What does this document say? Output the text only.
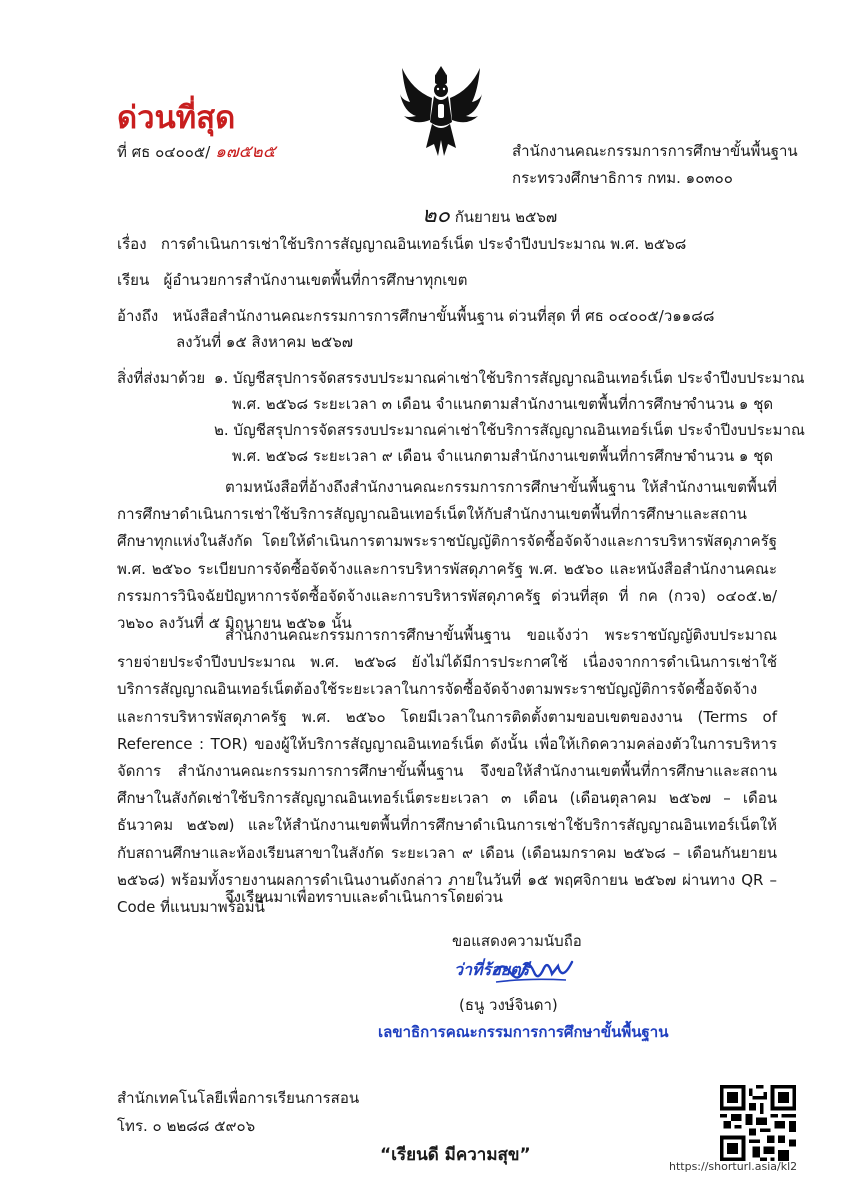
ด่วนที่สุด
ที่ ศธ ๐๔๐๐๕/ ๑๗๕๒๕	สำนักงานคณะกรรมการการศึกษาขั้นพื้นฐาน
กระทรวงศึกษาธิการ กทม. ๑๐๓๐๐
๒๐ กันยายน ๒๕๖๗
เรื่อง การดำเนินการเช่าใช้บริการสัญญาณอินเทอร์เน็ต ประจำปีงบประมาณ พ.ศ. ๒๕๖๘
เรียน ผู้อำนวยการสำนักงานเขตพื้นที่การศึกษาทุกเขต
อ้างถึง หนังสือสำนักงานคณะกรรมการการศึกษาขั้นพื้นฐาน ด่วนที่สุด ที่ ศธ ๐๔๐๐๕/ว๑๑๘๘
ลงวันที่ ๑๕ สิงหาคม ๒๕๖๗
สิ่งที่ส่งมาด้วย ๑. บัญชีสรุปการจัดสรรงบประมาณค่าเช่าใช้บริการสัญญาณอินเทอร์เน็ต ประจำปีงบประมาณ
พ.ศ. ๒๕๖๘ ระยะเวลา ๓ เดือน จำแนกตามสำนักงานเขตพื้นที่การศึกษา
จำนวน ๑ ชุด
๒. บัญชีสรุปการจัดสรรงบประมาณค่าเช่าใช้บริการสัญญาณอินเทอร์เน็ต ประจำปีงบประมาณ
พ.ศ. ๒๕๖๘ ระยะเวลา ๙ เดือน จำแนกตามสำนักงานเขตพื้นที่การศึกษา
จำนวน ๑ ชุด
ตามหนังสือที่อ้างถึงสำนักงานคณะกรรมการการศึกษาขั้นพื้นฐาน ให้สำนักงานเขตพื้นที่การศึกษาดำเนินการเช่าใช้บริการสัญญาณอินเทอร์เน็ตให้กับสำนักงานเขตพื้นที่การศึกษาและสถานศึกษาทุกแห่งในสังกัด โดยให้ดำเนินการตามพระราชบัญญัติการจัดซื้อจัดจ้างและการบริหารพัสดุภาครัฐ พ.ศ. ๒๕๖๐ ระเบียบการจัดซื้อจัดจ้างและการบริหารพัสดุภาครัฐ พ.ศ. ๒๕๖๐ และหนังสือสำนักงานคณะกรรมการวินิจฉัยปัญหาการจัดซื้อจัดจ้างและการบริหารพัสดุภาครัฐ ด่วนที่สุด ที่ กค (กวจ) ๐๔๐๕.๒/ว๒๖๐ ลงวันที่ ๕ มิถุนายน ๒๕๖๑ นั้น
สำนักงานคณะกรรมการการศึกษาขั้นพื้นฐาน ขอแจ้งว่า พระราชบัญญัติงบประมาณรายจ่ายประจำปีงบประมาณ พ.ศ. ๒๕๖๘ ยังไม่ได้มีการประกาศใช้ เนื่องจากการดำเนินการเช่าใช้บริการสัญญาณอินเทอร์เน็ตต้องใช้ระยะเวลาในการจัดซื้อจัดจ้างตามพระราชบัญญัติการจัดซื้อจัดจ้างและการบริหารพัสดุภาครัฐ พ.ศ. ๒๕๖๐ โดยมีเวลาในการติดตั้งตามขอบเขตของงาน (Terms of Reference : TOR) ของผู้ให้บริการสัญญาณอินเทอร์เน็ต ดังนั้น เพื่อให้เกิดความคล่องตัวในการบริหารจัดการ สำนักงานคณะกรรมการการศึกษาขั้นพื้นฐาน จึงขอให้สำนักงานเขตพื้นที่การศึกษาและสถานศึกษาในสังกัดเช่าใช้บริการสัญญาณอินเทอร์เน็ตระยะเวลา ๓ เดือน (เดือนตุลาคม ๒๕๖๗ – เดือนธันวาคม ๒๕๖๗) และให้สำนักงานเขตพื้นที่การศึกษาดำเนินการเช่าใช้บริการสัญญาณอินเทอร์เน็ตให้กับสถานศึกษาและห้องเรียนสาขาในสังกัด ระยะเวลา ๙ เดือน (เดือนมกราคม ๒๕๖๘ – เดือนกันยายน ๒๕๖๘) พร้อมทั้งรายงานผลการดำเนินงานดังกล่าว ภายในวันที่ ๑๕ พฤศจิกายน ๒๕๖๗ ผ่านทาง QR – Code ที่แนบมาพร้อมนี้
จึงเรียนมาเพื่อทราบและดำเนินการโดยด่วน
ขอแสดงความนับถือ
ว่าที่ร้อยตรี
(ธนู วงษ์จินดา)
เลขาธิการคณะกรรมการการศึกษาขั้นพื้นฐาน
สำนักเทคโนโลยีเพื่อการเรียนการสอน
โทร. ๐ ๒๒๘๘ ๕๙๐๖
“เรียนดี มีความสุข”
https://shorturl.asia/kl2
